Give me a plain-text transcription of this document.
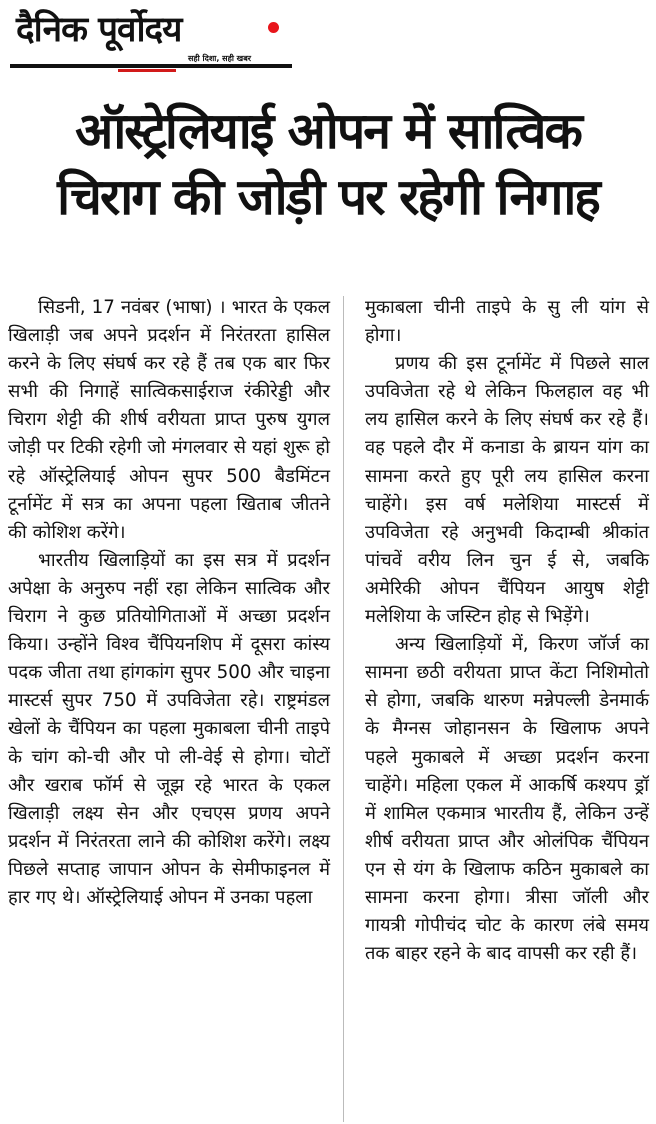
दैनिक पूर्वोदय
सही दिशा, सही खबर
ऑस्ट्रेलियाई ओपन में सात्विक
चिराग की जोड़ी पर रहेगी निगाह

सिडनी, 17 नवंबर (भाषा) । भारत के एकल खिलाड़ी जब अपने प्रदर्शन में निरंतरता हासिल करने के लिए संघर्ष कर रहे हैं तब एक बार फिर सभी की निगाहें सात्विकसाईराज रंकीरेड्डी और चिराग शेट्टी की शीर्ष वरीयता प्राप्त पुरुष युगल जोड़ी पर टिकी रहेगी जो मंगलवार से यहां शुरू हो रहे ऑस्ट्रेलियाई ओपन सुपर 500 बैडमिंटन टूर्नामेंट में सत्र का अपना पहला खिताब जीतने की कोशिश करेंगे।

भारतीय खिलाड़ियों का इस सत्र में प्रदर्शन अपेक्षा के अनुरुप नहीं रहा लेकिन सात्विक और चिराग ने कुछ प्रतियोगिताओं में अच्छा प्रदर्शन किया। उन्होंने विश्व चैंपियनशिप में दूसरा कांस्य पदक जीता तथा हांगकांग सुपर 500 और चाइना मास्टर्स सुपर 750 में उपविजेता रहे। राष्ट्रमंडल खेलों के चैंपियन का पहला मुकाबला चीनी ताइपे के चांग को-ची और पो ली-वेई से होगा। चोटों और खराब फॉर्म से जूझ रहे भारत के एकल खिलाड़ी लक्ष्य सेन और एचएस प्रणय अपने प्रदर्शन में निरंतरता लाने की कोशिश करेंगे। लक्ष्य पिछले सप्ताह जापान ओपन के सेमीफाइनल में हार गए थे। ऑस्ट्रेलियाई ओपन में उनका पहला

मुकाबला चीनी ताइपे के सु ली यांग से होगा।

प्रणय की इस टूर्नामेंट में पिछले साल उपविजेता रहे थे लेकिन फिलहाल वह भी लय हासिल करने के लिए संघर्ष कर रहे हैं। वह पहले दौर में कनाडा के ब्रायन यांग का सामना करते हुए पूरी लय हासिल करना चाहेंगे। इस वर्ष मलेशिया मास्टर्स में उपविजेता रहे अनुभवी किदाम्बी श्रीकांत पांचवें वरीय लिन चुन ई से, जबकि अमेरिकी ओपन चैंपियन आयुष शेट्टी मलेशिया के जस्टिन होह से भिड़ेंगे।

अन्य खिलाड़ियों में, किरण जॉर्ज का सामना छठी वरीयता प्राप्त केंटा निशिमोतो से होगा, जबकि थारुण मन्नेपल्ली डेनमार्क के मैग्नस जोहानसन के खिलाफ अपने पहले मुकाबले में अच्छा प्रदर्शन करना चाहेंगे। महिला एकल में आकर्षि कश्यप ड्रॉ में शामिल एकमात्र भारतीय हैं, लेकिन उन्हें शीर्ष वरीयता प्राप्त और ओलंपिक चैंपियन एन से यंग के खिलाफ कठिन मुकाबले का सामना करना होगा। त्रीसा जॉली और गायत्री गोपीचंद चोट के कारण लंबे समय तक बाहर रहने के बाद वापसी कर रही हैं।
